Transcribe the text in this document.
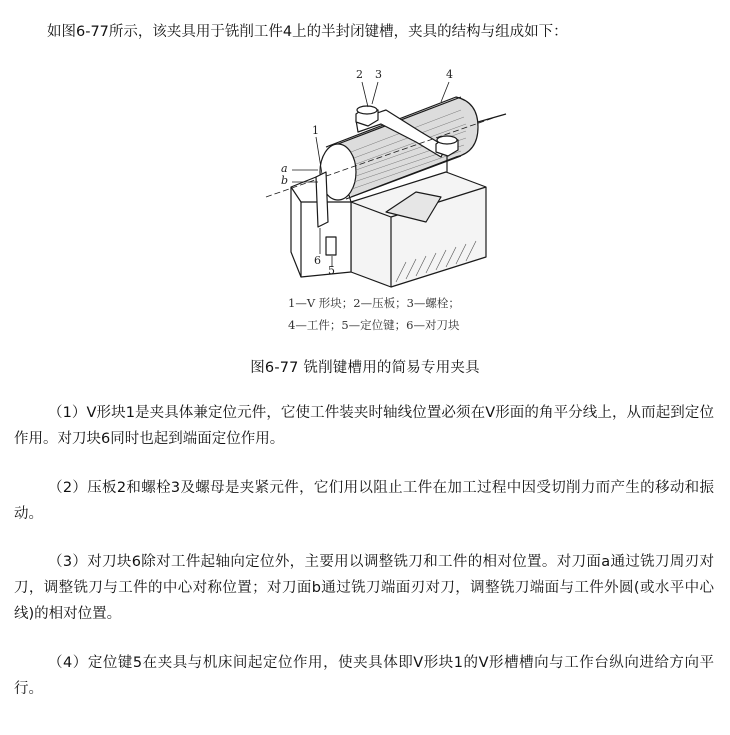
如图6-77所示，该夹具用于铣削工件4上的半封闭键槽，夹具的结构与组成如下：
2 3	4
1
a
b
6
5
1—V 形块；2—压板；3—螺栓；
4—工件；5—定位键；6—对刀块
图6-77 铣削键槽用的简易专用夹具
（1）V形块1是夹具体兼定位元件，它使工件装夹时轴线位置必须在V形面的角平分线上，从而起到定位作用。对刀块6同时也起到端面定位作用。
（2）压板2和螺栓3及螺母是夹紧元件，它们用以阻止工件在加工过程中因受切削力而产生的移动和振动。
（3）对刀块6除对工件起轴向定位外，主要用以调整铣刀和工件的相对位置。对刀面a通过铣刀周刃对刀，调整铣刀与工件的中心对称位置；对刀面b通过铣刀端面刃对刀，调整铣刀端面与工件外圆(或水平中心线)的相对位置。
（4）定位键5在夹具与机床间起定位作用，使夹具体即V形块1的V形槽槽向与工作台纵向进给方向平行。
